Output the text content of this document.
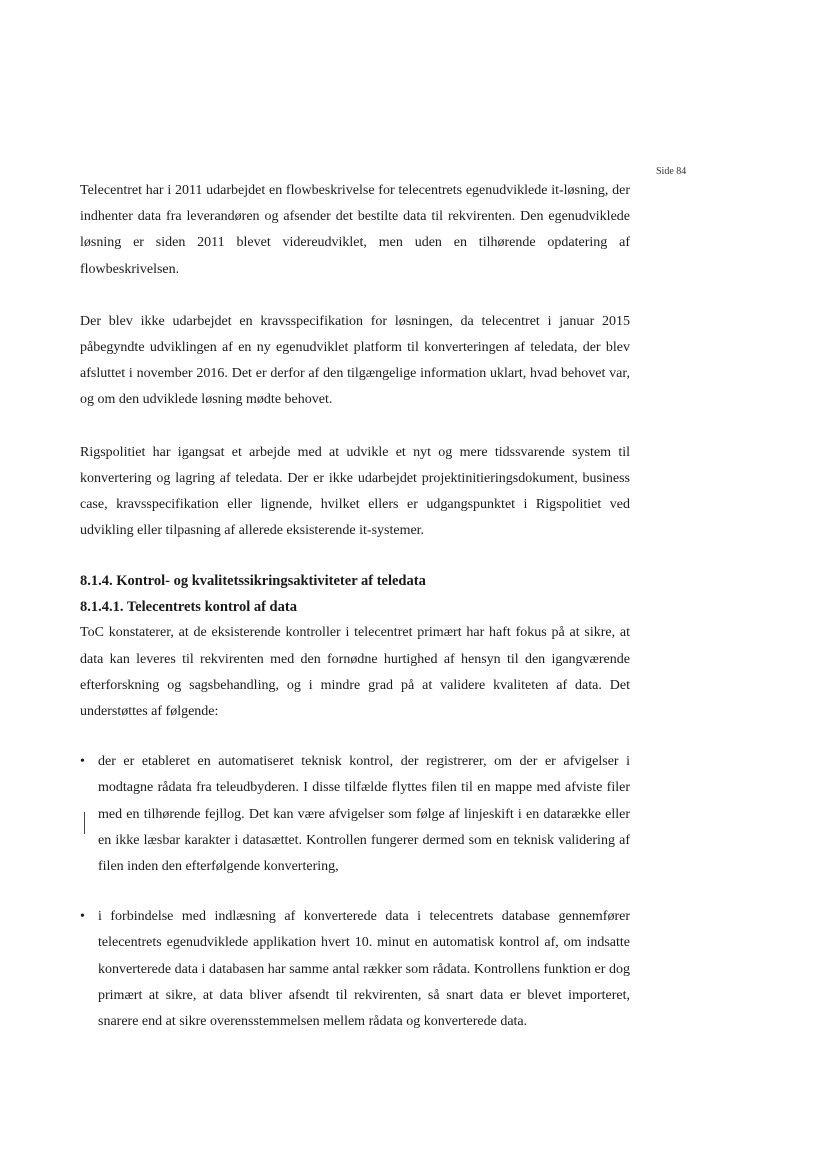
Side 84

Telecentret har i 2011 udarbejdet en flowbeskrivelse for telecentrets egenudviklede it-løsning, der indhenter data fra leverandøren og afsender det bestilte data til rekvirenten. Den egenudviklede løsning er siden 2011 blevet videreudviklet, men uden en tilhørende opdatering af flowbeskrivelsen.

Der blev ikke udarbejdet en kravsspecifikation for løsningen, da telecentret i januar 2015 påbegyndte udviklingen af en ny egenudviklet platform til konverteringen af teledata, der blev afsluttet i november 2016. Det er derfor af den tilgængelige information uklart, hvad behovet var, og om den udviklede løsning mødte behovet.

Rigspolitiet har igangsat et arbejde med at udvikle et nyt og mere tidssvarende system til konvertering og lagring af teledata. Der er ikke udarbejdet projektinitieringsdokument, business case, kravsspecifikation eller lignende, hvilket ellers er udgangspunktet i Rigspolitiet ved udvikling eller tilpasning af allerede eksisterende it-systemer.

8.1.4. Kontrol- og kvalitetssikringsaktiviteter af teledata
8.1.4.1. Telecentrets kontrol af data

ToC konstaterer, at de eksisterende kontroller i telecentret primært har haft fokus på at sikre, at data kan leveres til rekvirenten med den fornødne hurtighed af hensyn til den igangværende efterforskning og sagsbehandling, og i mindre grad på at validere kvaliteten af data. Det understøttes af følgende:

• der er etableret en automatiseret teknisk kontrol, der registrerer, om der er afvigelser i modtagne rådata fra teleudbyderen. I disse tilfælde flyttes filen til en mappe med afviste filer med en tilhørende fejllog. Det kan være afvigelser som følge af linjeskift i en datarække eller en ikke læsbar karakter i datasættet. Kontrollen fungerer dermed som en teknisk validering af filen inden den efterfølgende konvertering,
• i forbindelse med indlæsning af konverterede data i telecentrets database gennemfører telecentrets egenudviklede applikation hvert 10. minut en automatisk kontrol af, om indsatte konverterede data i databasen har samme antal rækker som rådata. Kontrollens funktion er dog primært at sikre, at data bliver afsendt til rekvirenten, så snart data er blevet importeret, snarere end at sikre overensstemmelsen mellem rådata og konverterede data.
